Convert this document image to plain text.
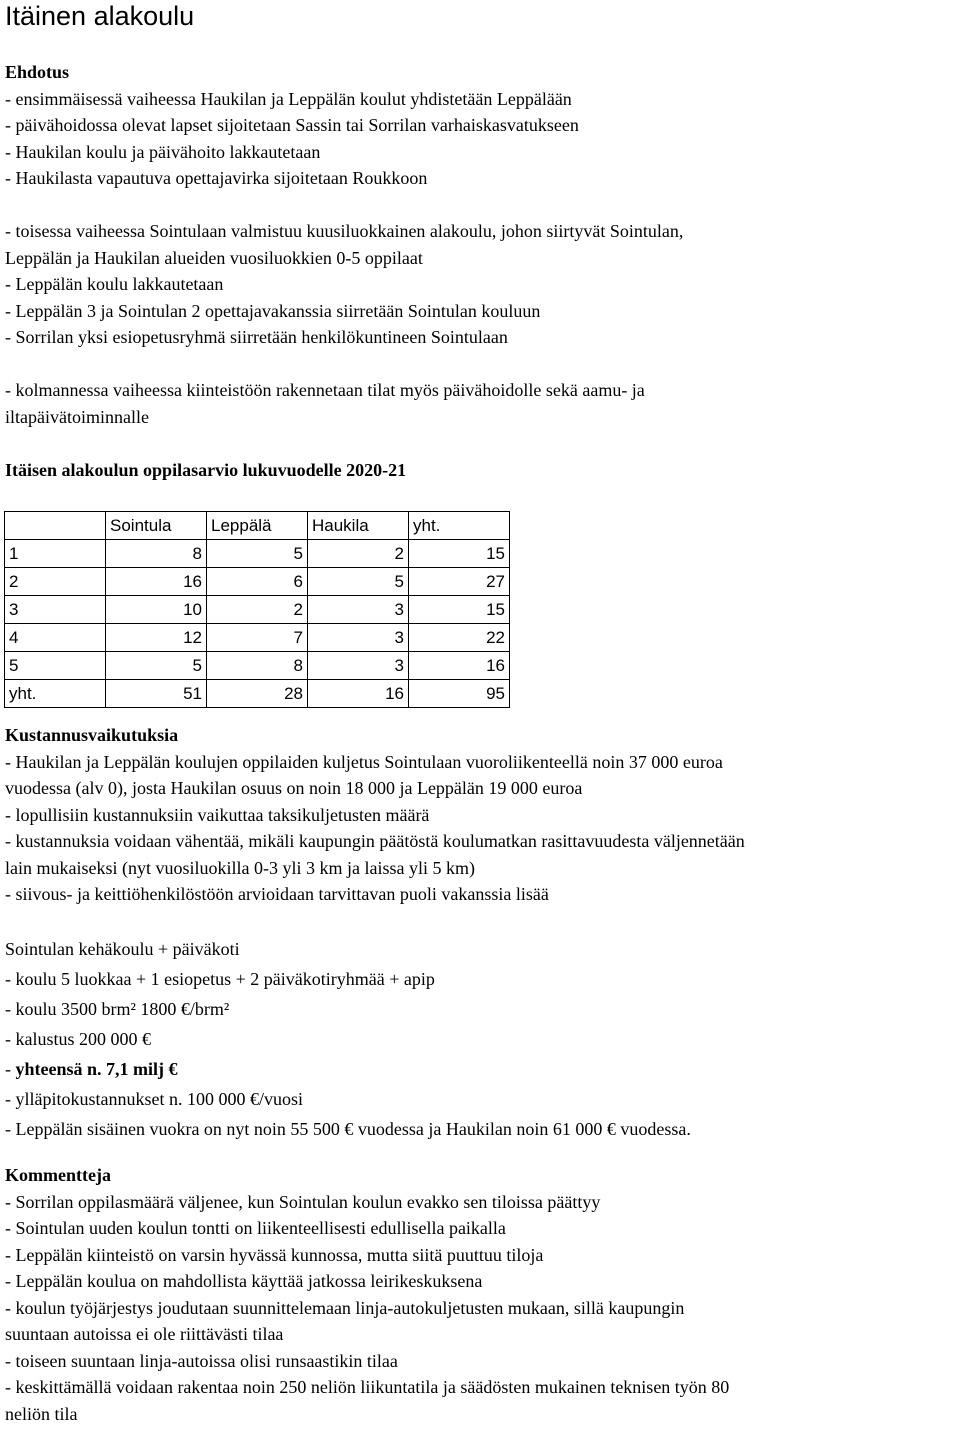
Itäinen alakoulu

Ehdotus

- ensimmäisessä vaiheessa Haukilan ja Leppälän koulut yhdistetään Leppälään

- päivähoidossa olevat lapset sijoitetaan Sassin tai Sorrilan varhaiskasvatukseen

- Haukilan koulu ja päivähoito lakkautetaan

- Haukilasta vapautuva opettajavirka sijoitetaan Roukkoon

- toisessa vaiheessa Sointulaan valmistuu kuusiluokkainen alakoulu, johon siirtyvät Sointulan,

Leppälän ja Haukilan alueiden vuosiluokkien 0-5 oppilaat

- Leppälän koulu lakkautetaan

- Leppälän 3 ja Sointulan 2 opettajavakanssia siirretään Sointulan kouluun

- Sorrilan yksi esiopetusryhmä siirretään henkilökuntineen Sointulaan

- kolmannessa vaiheessa kiinteistöön rakennetaan tilat myös päivähoidolle sekä aamu- ja

iltapäivätoiminnalle

Itäisen alakoulun oppilasarvio lukuvuodelle 2020-21

	Sointula	Leppälä	Haukila	yht.
1	8	5	2	15
2	16	6	5	27
3	10	2	3	15
4	12	7	3	22
5	5	8	3	16
yht.	51	28	16	95

Kustannusvaikutuksia

- Haukilan ja Leppälän koulujen oppilaiden kuljetus Sointulaan vuoroliikenteellä noin 37 000 euroa

vuodessa (alv 0), josta Haukilan osuus on noin 18 000 ja Leppälän 19 000 euroa

- lopullisiin kustannuksiin vaikuttaa taksikuljetusten määrä

- kustannuksia voidaan vähentää, mikäli kaupungin päätöstä koulumatkan rasittavuudesta väljennetään

lain mukaiseksi (nyt vuosiluokilla 0-3 yli 3 km ja laissa yli 5 km)

- siivous- ja keittiöhenkilöstöön arvioidaan tarvittavan puoli vakanssia lisää

Sointulan kehäkoulu + päiväkoti

- koulu 5 luokkaa + 1 esiopetus + 2 päiväkotiryhmää + apip

- koulu 3500 brm² 1800 €/brm²

- kalustus 200 000 €

- yhteensä n. 7,1 milj €

- ylläpitokustannukset n. 100 000 €/vuosi

- Leppälän sisäinen vuokra on nyt noin 55 500 € vuodessa ja Haukilan noin 61 000 € vuodessa.

Kommentteja

- Sorrilan oppilasmäärä väljenee, kun Sointulan koulun evakko sen tiloissa päättyy

- Sointulan uuden koulun tontti on liikenteellisesti edullisella paikalla

- Leppälän kiinteistö on varsin hyvässä kunnossa, mutta siitä puuttuu tiloja

- Leppälän koulua on mahdollista käyttää jatkossa leirikeskuksena

- koulun työjärjestys joudutaan suunnittelemaan linja-autokuljetusten mukaan, sillä kaupungin

suuntaan autoissa ei ole riittävästi tilaa

- toiseen suuntaan linja-autoissa olisi runsaastikin tilaa

- keskittämällä voidaan rakentaa noin 250 neliön liikuntatila ja säädösten mukainen teknisen työn 80

neliön tila
